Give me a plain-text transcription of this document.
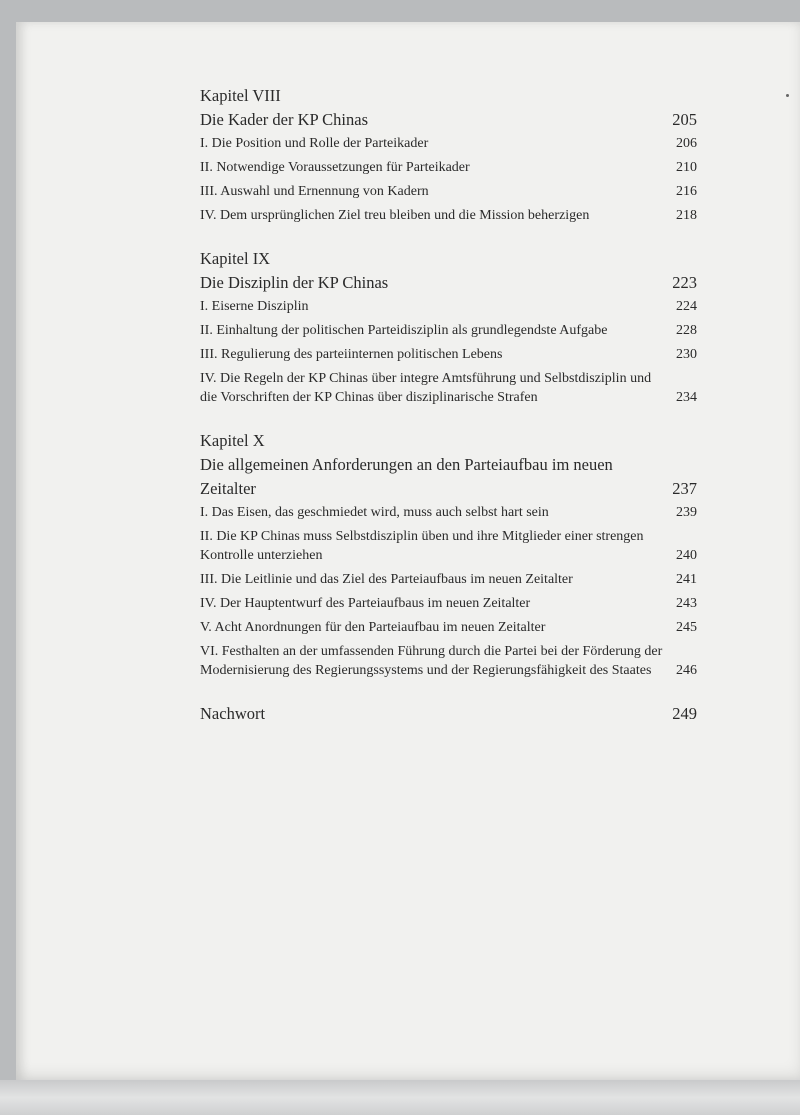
Kapitel VIII
Die Kader der KP Chinas	205
I. Die Position und Rolle der Parteikader	206
II. Notwendige Voraussetzungen für Parteikader	210
III. Auswahl und Ernennung von Kadern	216
IV. Dem ursprünglichen Ziel treu bleiben und die Mission beherzigen	218
Kapitel IX
Die Disziplin der KP Chinas	223
I. Eiserne Disziplin	224
II. Einhaltung der politischen Parteidisziplin als grundlegendste Aufgabe	228
III. Regulierung des parteiinternen politischen Lebens	230
IV. Die Regeln der KP Chinas über integre Amtsführung und Selbstdisziplin und die Vorschriften der KP Chinas über disziplinarische Strafen	234
Kapitel X
Die allgemeinen Anforderungen an den Parteiaufbau im neuen Zeitalter	237
I. Das Eisen, das geschmiedet wird, muss auch selbst hart sein	239
II. Die KP Chinas muss Selbstdisziplin üben und ihre Mitglieder einer strengen Kontrolle unterziehen	240
III. Die Leitlinie und das Ziel des Parteiaufbaus im neuen Zeitalter	241
IV. Der Hauptentwurf des Parteiaufbaus im neuen Zeitalter	243
V. Acht Anordnungen für den Parteiaufbau im neuen Zeitalter	245
VI. Festhalten an der umfassenden Führung durch die Partei bei der Förderung der Modernisierung des Regierungssystems und der Regierungsfähigkeit des Staates	246
Nachwort	249
